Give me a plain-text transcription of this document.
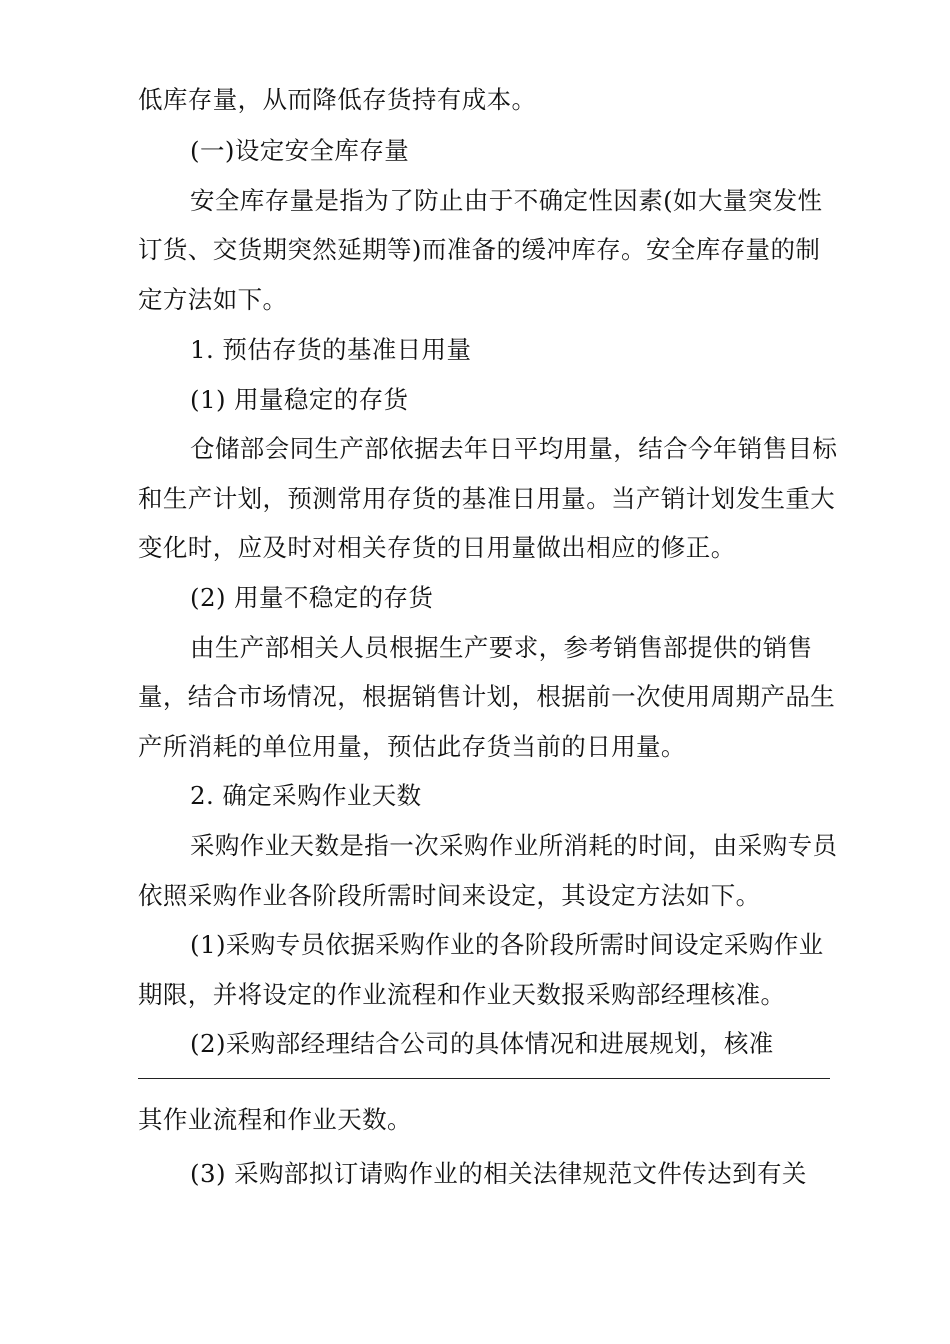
低库存量，从而降低存货持有成本。
(一)设定安全库存量
安全库存量是指为了防止由于不确定性因素(如大量突发性
订货、交货期突然延期等)而准备的缓冲库存。安全库存量的制
定方法如下。
1. 预估存货的基准日用量
(1) 用量稳定的存货
仓储部会同生产部依据去年日平均用量，结合今年销售目标
和生产计划，预测常用存货的基准日用量。当产销计划发生重大
变化时，应及时对相关存货的日用量做出相应的修正。
(2) 用量不稳定的存货
由生产部相关人员根据生产要求，参考销售部提供的销售
量，结合市场情况，根据销售计划，根据前一次使用周期产品生
产所消耗的单位用量，预估此存货当前的日用量。
2. 确定采购作业天数
采购作业天数是指一次采购作业所消耗的时间，由采购专员
依照采购作业各阶段所需时间来设定，其设定方法如下。
(1)采购专员依据采购作业的各阶段所需时间设定采购作业
期限，并将设定的作业流程和作业天数报采购部经理核准。
(2)采购部经理结合公司的具体情况和进展规划，核准
其作业流程和作业天数。
(3) 采购部拟订请购作业的相关法律规范文件传达到有关
